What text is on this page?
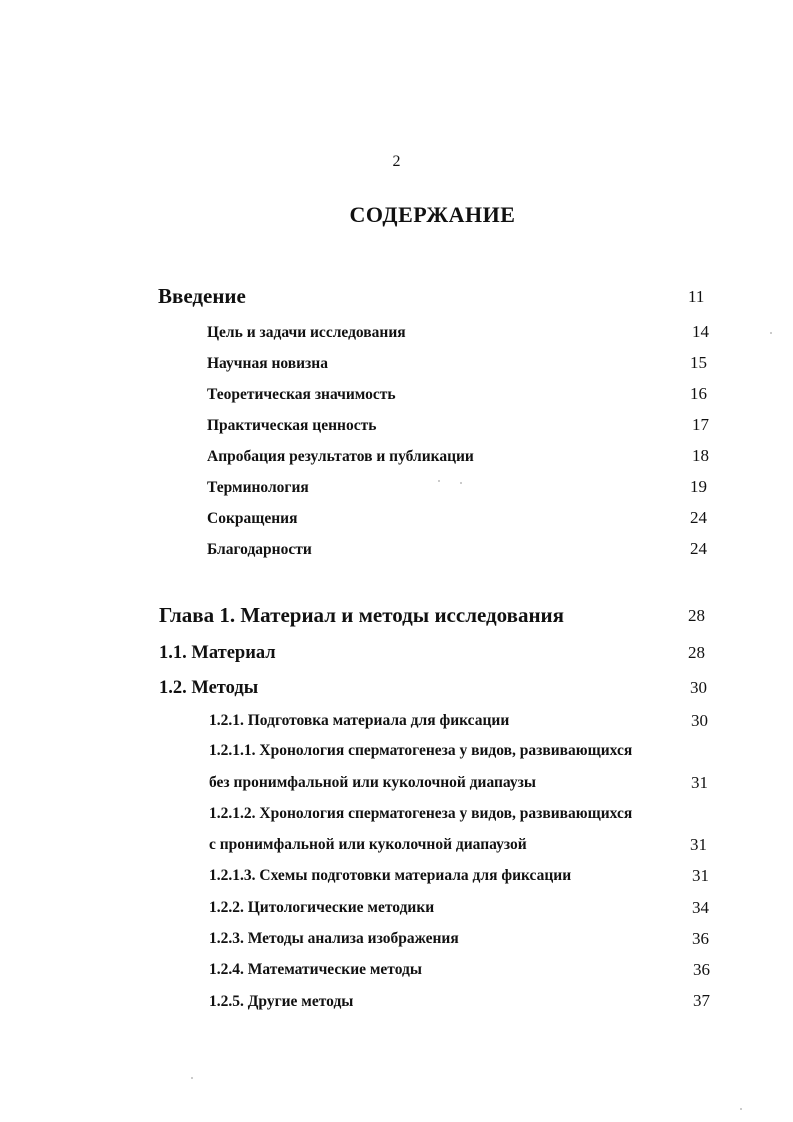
2
СОДЕРЖАНИЕ
Введение	11
Цель и задачи исследования	14
Научная новизна	15
Теоретическая значимость	16
Практическая ценность	17
Апробация результатов и публикации	18
Терминология	19
Сокращения	24
Благодарности	24
Глава 1. Материал и методы исследования	28
1.1. Материал	28
1.2. Методы	30
1.2.1. Подготовка материала для фиксации	30
1.2.1.1. Хронология сперматогенеза у видов, развивающихся
без пронимфальной или куколочной диапаузы	31
1.2.1.2. Хронология сперматогенеза у видов, развивающихся
с пронимфальной или куколочной диапаузой	31
1.2.1.3. Схемы подготовки материала для фиксации	31
1.2.2. Цитологические методики	34
1.2.3. Методы анализа изображения	36
1.2.4. Математические методы	36
1.2.5. Другие методы	37
